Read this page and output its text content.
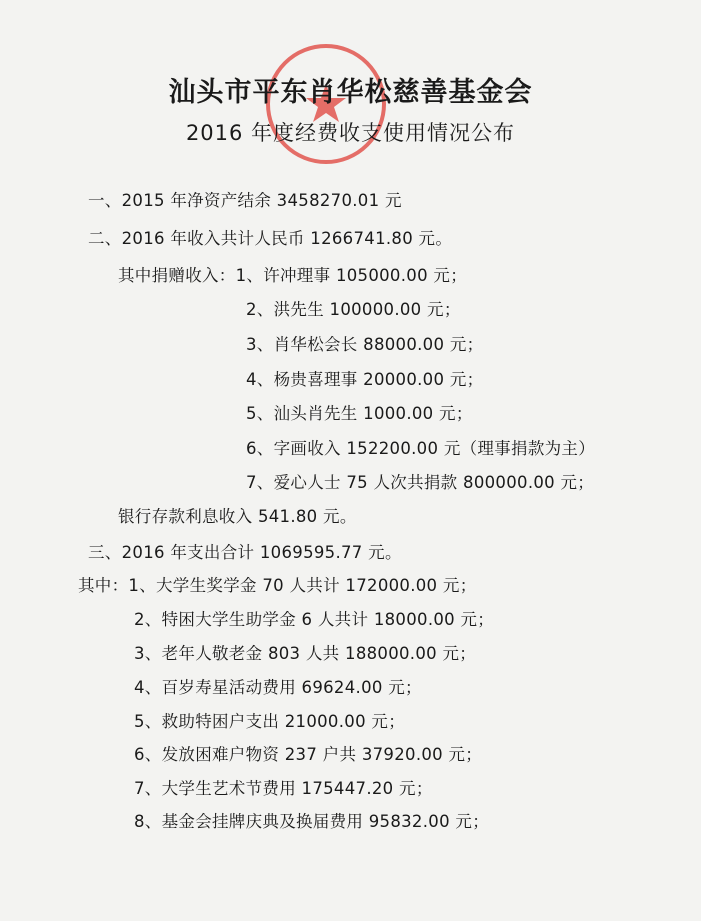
汕头市平东肖华松慈善基金会
2016 年度经费收支使用情况公布
一、2015 年净资产结余 3458270.01 元
二、2016 年收入共计人民币 1266741.80 元。
其中捐赠收入：1、许冲理事 105000.00 元；
2、洪先生 100000.00 元；
3、肖华松会长 88000.00 元；
4、杨贵喜理事 20000.00 元；
5、汕头肖先生 1000.00 元；
6、字画收入 152200.00 元（理事捐款为主）
7、爱心人士 75 人次共捐款 800000.00 元；
银行存款利息收入 541.80 元。
三、2016 年支出合计 1069595.77 元。
其中：1、大学生奖学金 70 人共计 172000.00 元；
2、特困大学生助学金 6 人共计 18000.00 元；
3、老年人敬老金 803 人共 188000.00 元；
4、百岁寿星活动费用 69624.00 元；
5、救助特困户支出 21000.00 元；
6、发放困难户物资 237 户共 37920.00 元；
7、大学生艺术节费用 175447.20 元；
8、基金会挂牌庆典及换届费用 95832.00 元；
